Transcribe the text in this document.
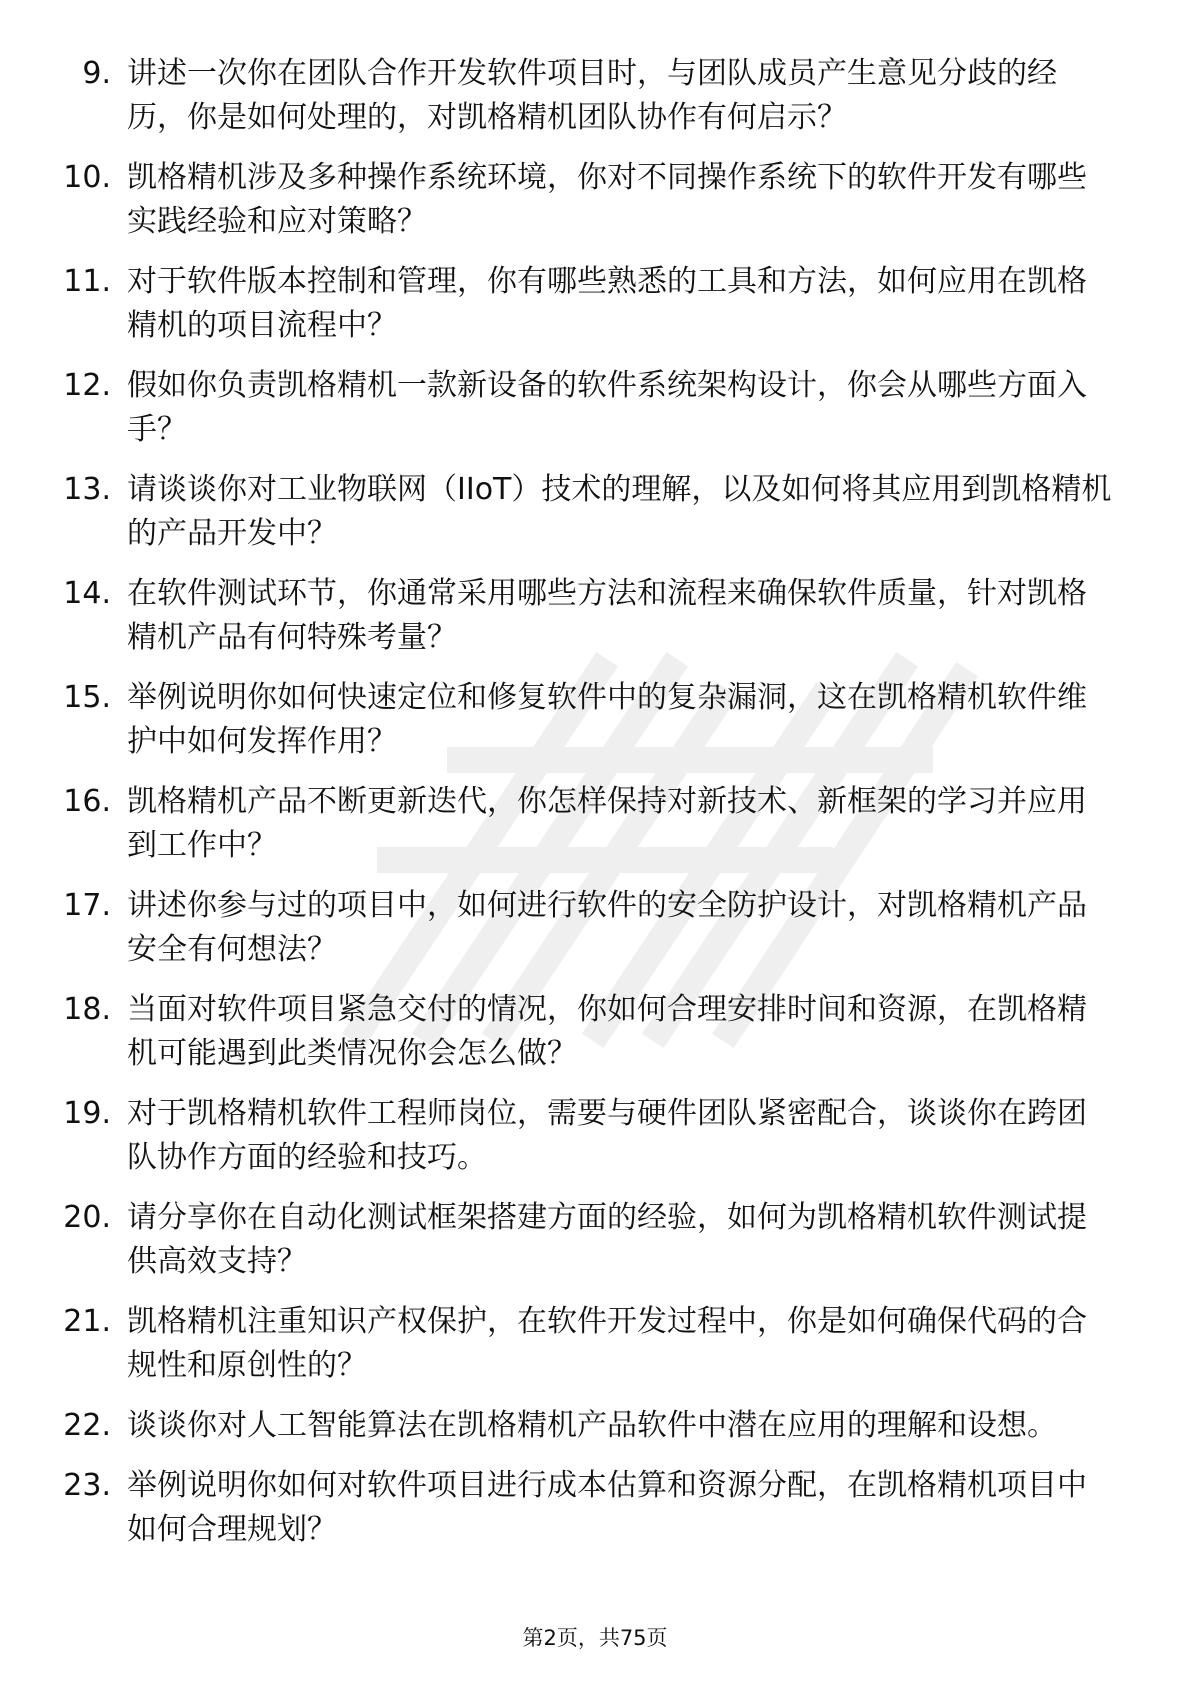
9. 讲述一次你在团队合作开发软件项目时，与团队成员产生意见分歧的经历，你是如何处理的，对凯格精机团队协作有何启示？
10. 凯格精机涉及多种操作系统环境，你对不同操作系统下的软件开发有哪些实践经验和应对策略？
11. 对于软件版本控制和管理，你有哪些熟悉的工具和方法，如何应用在凯格精机的项目流程中？
12. 假如你负责凯格精机一款新设备的软件系统架构设计，你会从哪些方面入手？
13. 请谈谈你对工业物联网（IIoT）技术的理解，以及如何将其应用到凯格精机的产品开发中？
14. 在软件测试环节，你通常采用哪些方法和流程来确保软件质量，针对凯格精机产品有何特殊考量？
15. 举例说明你如何快速定位和修复软件中的复杂漏洞，这在凯格精机软件维护中如何发挥作用？
16. 凯格精机产品不断更新迭代，你怎样保持对新技术、新框架的学习并应用到工作中？
17. 讲述你参与过的项目中，如何进行软件的安全防护设计，对凯格精机产品安全有何想法？
18. 当面对软件项目紧急交付的情况，你如何合理安排时间和资源，在凯格精机可能遇到此类情况你会怎么做？
19. 对于凯格精机软件工程师岗位，需要与硬件团队紧密配合，谈谈你在跨团队协作方面的经验和技巧。
20. 请分享你在自动化测试框架搭建方面的经验，如何为凯格精机软件测试提供高效支持？
21. 凯格精机注重知识产权保护，在软件开发过程中，你是如何确保代码的合规性和原创性的？
22. 谈谈你对人工智能算法在凯格精机产品软件中潜在应用的理解和设想。
23. 举例说明你如何对软件项目进行成本估算和资源分配，在凯格精机项目中如何合理规划？
第2页，共75页
